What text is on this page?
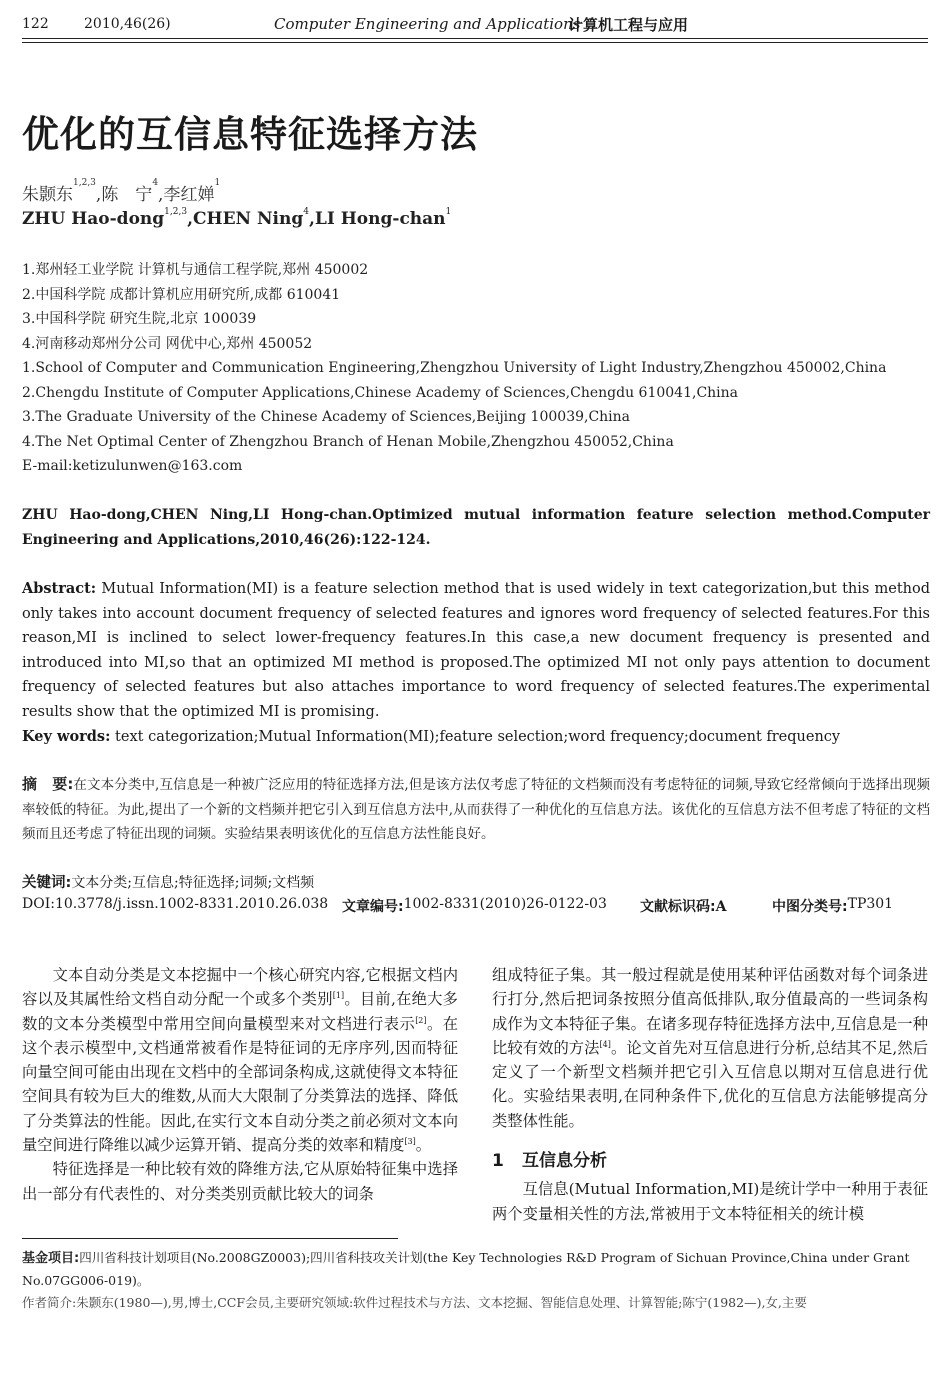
122	2010,46(26)	Computer Engineering and Applications
计算机工程与应用
优化的互信息特征选择方法
朱颢东$^{1,2,3}$,陈　宁$^4$,李红婵$^1$
ZHU Hao-dong$^{1,2,3}$,CHEN Ning$^4$,LI Hong-chan$^1$
1.郑州轻工业学院 计算机与通信工程学院,郑州 450002
2.中国科学院 成都计算机应用研究所,成都 610041
3.中国科学院 研究生院,北京 100039
4.河南移动郑州分公司 网优中心,郑州 450052
1.School of Computer and Communication Engineering,Zhengzhou University of Light Industry,Zhengzhou 450002,China
2.Chengdu Institute of Computer Applications,Chinese Academy of Sciences,Chengdu 610041,China
3.The Graduate University of the Chinese Academy of Sciences,Beijing 100039,China
4.The Net Optimal Center of Zhengzhou Branch of Henan Mobile,Zhengzhou 450052,China
E-mail:ketizulunwen@163.com
ZHU Hao-dong,CHEN Ning,LI Hong-chan.Optimized mutual information feature selection method.Computer Engineering and Applications,2010,46(26):122-124.
Abstract: Mutual Information(MI) is a feature selection method that is used widely in text categorization,but this method only takes into account document frequency of selected features and ignores word frequency of selected features.For this reason,MI is inclined to select lower-frequency features.In this case,a new document frequency is presented and introduced into MI,so that an optimized MI method is proposed.The optimized MI not only pays attention to document frequency of selected features but also attaches importance to word frequency of selected features.The experimental results show that the optimized MI is promising.
Key words: text categorization;Mutual Information(MI);feature selection;word frequency;document frequency
摘　要:在文本分类中,互信息是一种被广泛应用的特征选择方法,但是该方法仅考虑了特征的文档频而没有考虑特征的词频,导致它经常倾向于选择出现频率较低的特征。为此,提出了一个新的文档频并把它引入到互信息方法中,从而获得了一种优化的互信息方法。该优化的互信息方法不但考虑了特征的文档频而且还考虑了特征出现的词频。实验结果表明该优化的互信息方法性能良好。
关键词:文本分类;互信息;特征选择;词频;文档频
DOI:10.3778/j.issn.1002-8331.2010.26.038 文章编号: 1002-8331(2010)26-0122-03 文献标识码:A	中图分类号: TP301

文本自动分类是文本挖掘中一个核心研究内容,它根据文档内容以及其属性给文档自动分配一个或多个类别[1]。目前,在绝大多数的文本分类模型中常用空间向量模型来对文档进行表示[2]。在这个表示模型中,文档通常被看作是特征词的无序序列,因而特征向量空间可能由出现在文档中的全部词条构成,这就使得文本特征空间具有较为巨大的维数,从而大大限制了分类算法的选择、降低了分类算法的性能。因此,在实行文本自动分类之前必须对文本向量空间进行降维以减少运算开销、提高分类的效率和精度[3]。

特征选择是一种比较有效的降维方法,它从原始特征集中选择出一部分有代表性的、对分类类别贡献比较大的词条

组成特征子集。其一般过程就是使用某种评估函数对每个词条进行打分,然后把词条按照分值高低排队,取分值最高的一些词条构成作为文本特征子集。在诸多现存特征选择方法中,互信息是一种比较有效的方法[4]。论文首先对互信息进行分析,总结其不足,然后定义了一个新型文档频并把它引入互信息以期对互信息进行优化。实验结果表明,在同种条件下,优化的互信息方法能够提高分类整体性能。

1 互信息分析

互信息(Mutual Information,MI)是统计学中一种用于表征两个变量相关性的方法,常被用于文本特征相关的统计模

基金项目:四川省科技计划项目(No.2008GZ0003);四川省科技攻关计划(the Key Technologies R&D Program of Sichuan Province,China under Grant No.07GG006-019)。
作者简介:朱颢东(1980—),男,博士,CCF会员,主要研究领域:软件过程技术与方法、文本挖掘、智能信息处理、计算智能;陈宁(1982—),女,主要
